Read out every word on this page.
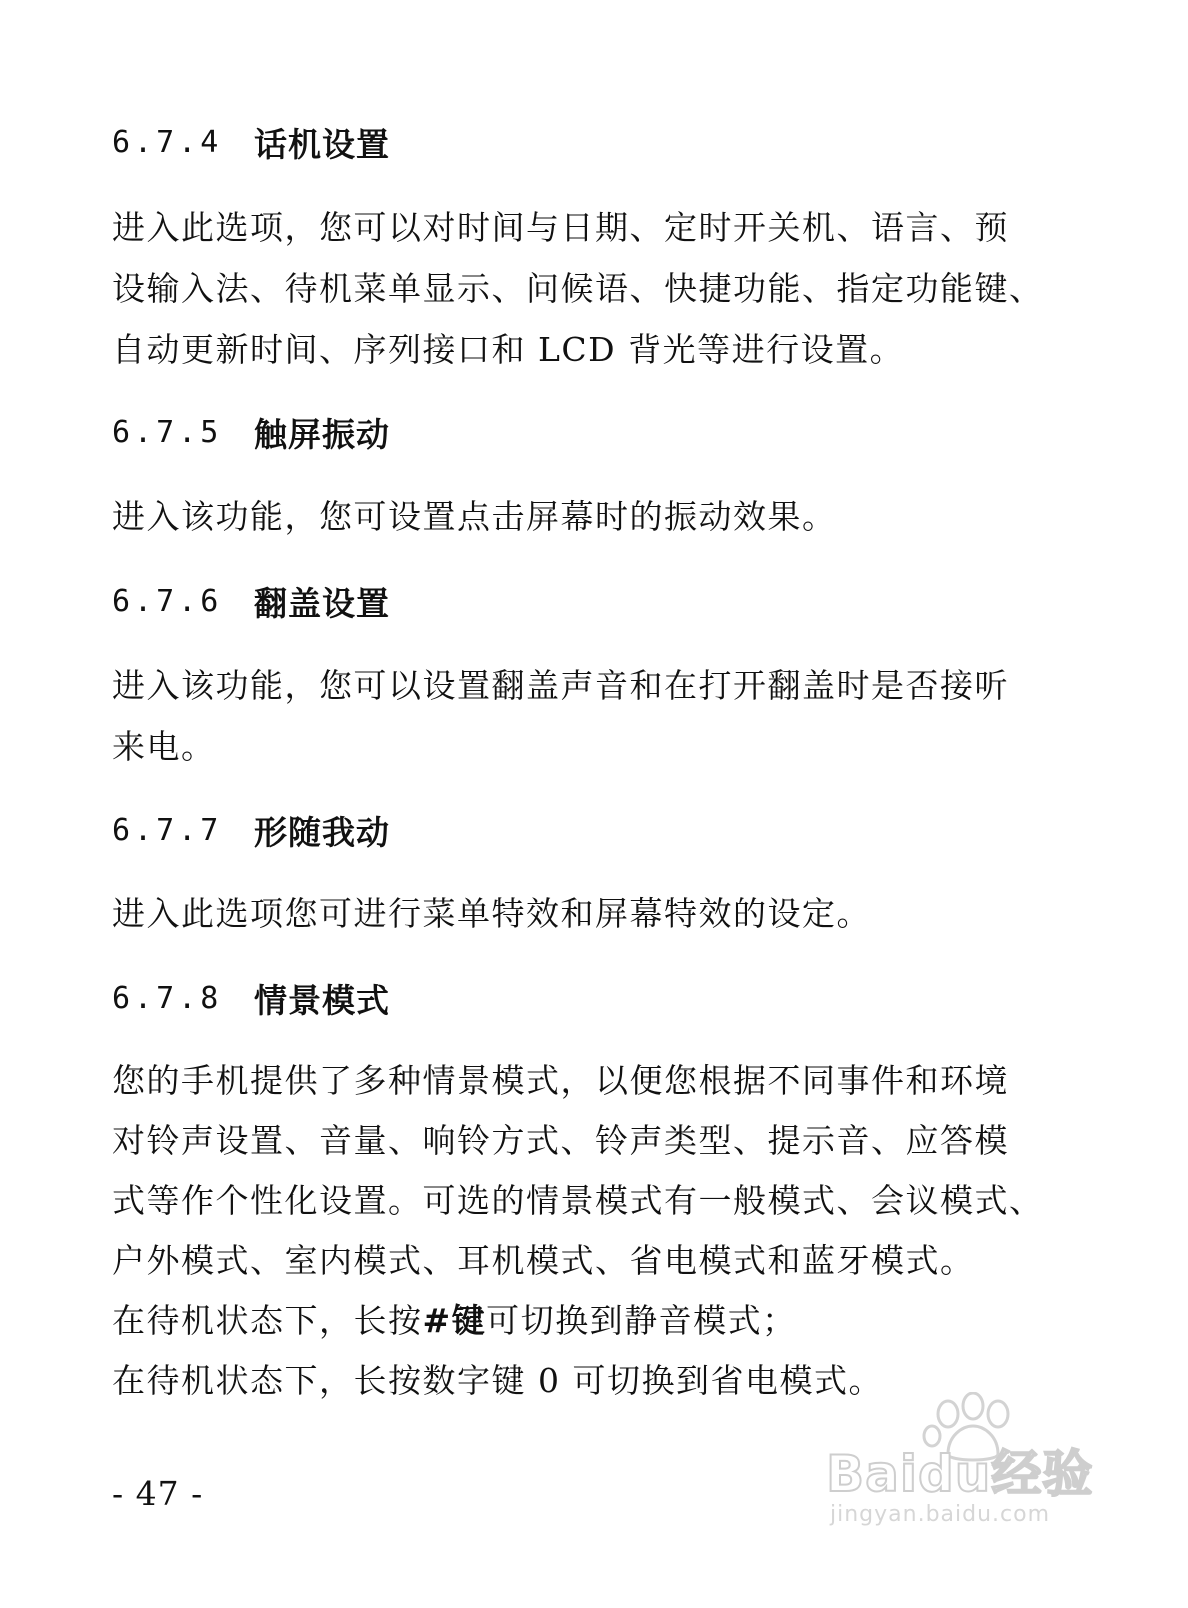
6.7.4 话机设置
进入此选项，您可以对时间与日期、定时开关机、语言、预
设输入法、待机菜单显示、问候语、快捷功能、指定功能键、
自动更新时间、序列接口和 LCD 背光等进行设置。
6.7.5 触屏振动
进入该功能，您可设置点击屏幕时的振动效果。
6.7.6 翻盖设置
进入该功能，您可以设置翻盖声音和在打开翻盖时是否接听
来电。
6.7.7 形随我动
进入此选项您可进行菜单特效和屏幕特效的设定。
6.7.8 情景模式
您的手机提供了多种情景模式，以便您根据不同事件和环境
对铃声设置、音量、响铃方式、铃声类型、提示音、应答模
式等作个性化设置。可选的情景模式有一般模式、会议模式、
户外模式、室内模式、耳机模式、省电模式和蓝牙模式。
在待机状态下，长按#键可切换到静音模式；
在待机状态下，长按数字键 0 可切换到省电模式。
- 47 -	Baidu经验
jingyan.baidu.com
